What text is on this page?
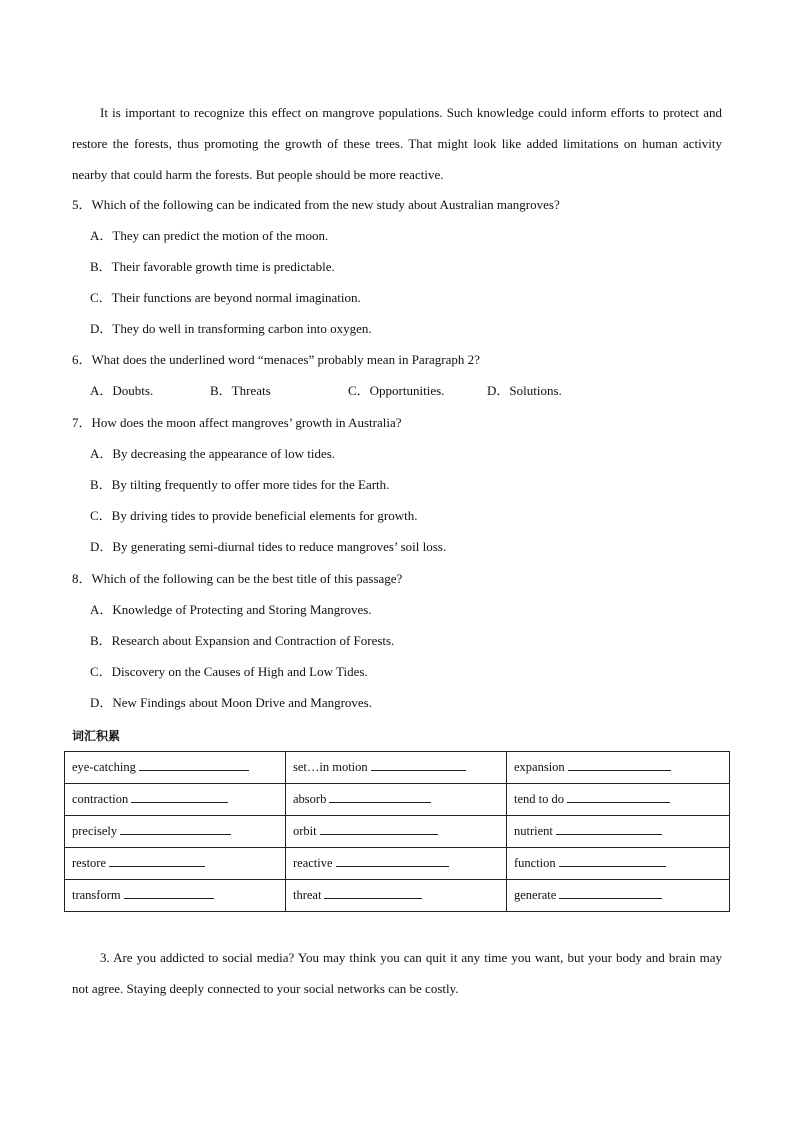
It is important to recognize this effect on mangrove populations. Such knowledge could inform efforts to protect and restore the forests, thus promoting the growth of these trees. That might look like added limitations on human activity nearby that could harm the forests. But people should be more reactive.

5．Which of the following can be indicated from the new study about Australian mangroves?
A．They can predict the motion of the moon.
B．Their favorable growth time is predictable.
C．Their functions are beyond normal imagination.
D．They do well in transforming carbon into oxygen.
6．What does the underlined word “menaces” probably mean in Paragraph 2?
A．Doubts.	B．Threats	C．Opportunities.	D．Solutions.
7．How does the moon affect mangroves’ growth in Australia?
A．By decreasing the appearance of low tides.
B．By tilting frequently to offer more tides for the Earth.
C．By driving tides to provide beneficial elements for growth.
D．By generating semi-diurnal tides to reduce mangroves’ soil loss.
8．Which of the following can be the best title of this passage?
A．Knowledge of Protecting and Storing Mangroves.
B．Research about Expansion and Contraction of Forests.
C．Discovery on the Causes of High and Low Tides.
D．New Findings about Moon Drive and Mangroves.
词汇积累
eye-catching	set…in motion	expansion
contraction	absorb	tend to do
precisely	orbit	nutrient
restore	reactive	function
transform	threat	generate

3. Are you addicted to social media? You may think you can quit it any time you want, but your body and brain may not agree. Staying deeply connected to your social networks can be costly.
